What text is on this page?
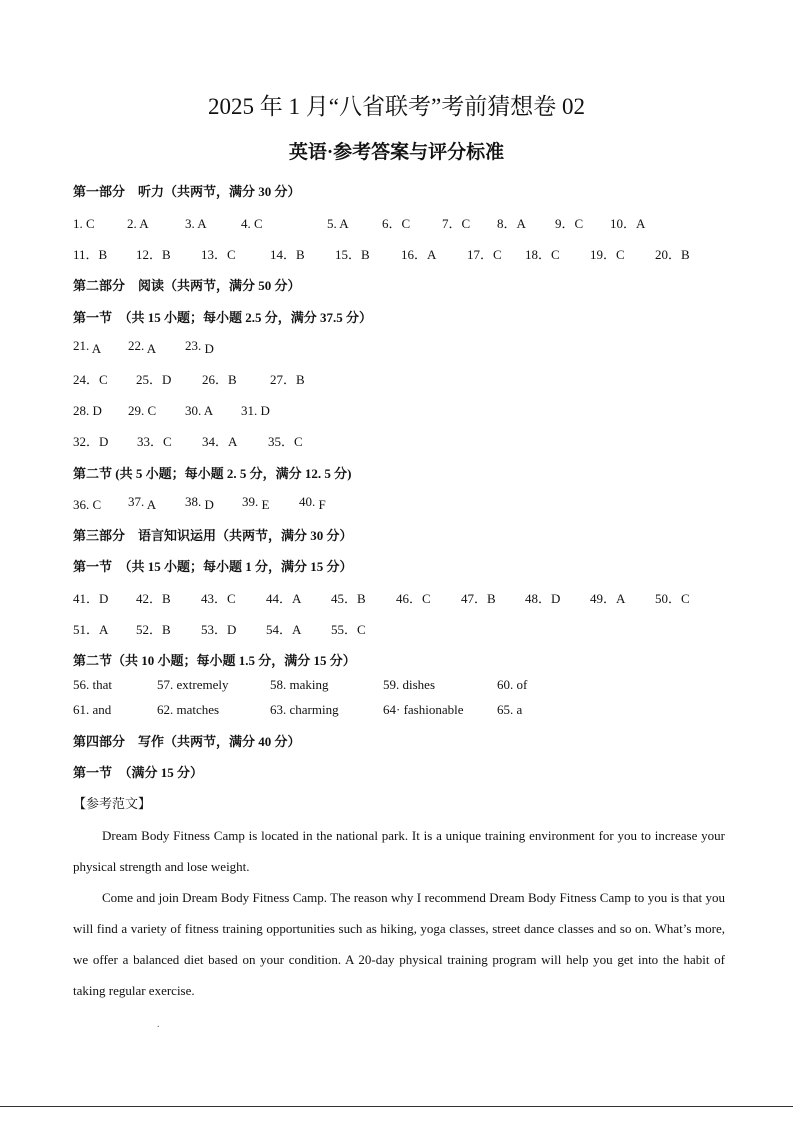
2025 年 1 月“八省联考”考前猜想卷 02
英语·参考答案与评分标准
第一部分　听力（共两节，满分 30 分）
1. C 2. A	3. A	4. C	5. A	6．C 7．C 8．A 9．C 10．A
11．B 12．B 13．C	14．B 15．B 16．A 17．C 18．C 19．C 20．B
第二部分　阅读（共两节，满分 50 分）
第一节　（共 15 小题；每小题 2.5 分，满分 37.5 分）
21. A 22. A 23. D
24．C 25．D 26．B	27．B
28. D 29. C 30. A 31. D
32．D 33．C 34．A 35．C
第二节 (共 5 小题；每小题 2. 5 分，满分 12. 5 分)
36. C 37. A 38. D 39. E 40. F
第三部分　语言知识运用（共两节，满分 30 分）
第一节　（共 15 小题；每小题 1 分，满分 15 分）
41．D 42．B 43．C 44．A 45．B 46．C 47．B 48．D 49．A 50．C
51．A 52．B 53．D 54．A 55．C
第二节（共 10 小题；每小题 1.5 分，满分 15 分）
56. that	57. extremely	58. making	59. dishes	60. of
61. and	62. matches	63. charming	64· fashionable	65. a
第四部分　写作（共两节，满分 40 分）
第一节　（满分 15 分）
【参考范文】

Dream Body Fitness Camp is located in the national park. It is a unique training environment for you to increase your physical strength and lose weight.

Come and join Dream Body Fitness Camp. The reason why I recommend Dream Body Fitness Camp to you is that you will find a variety of fitness training opportunities such as hiking, yoga classes, street dance classes and so on. What’s more, we offer a balanced diet based on your condition. A 20-day physical training program will help you get into the habit of taking regular exercise.

.
